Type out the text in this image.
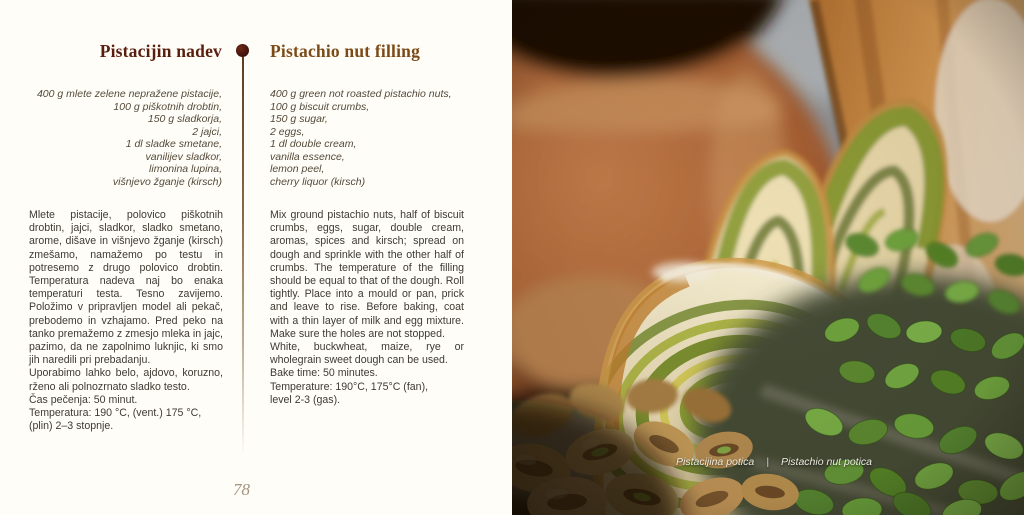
Pistacijin nadev	Pistachio nut filling
400 g mlete zelene nepražene pistacije,
100 g piškotnih drobtin,
150 g sladkorja,
2 jajci,
1 dl sladke smetane,
vanilijev sladkor,
limonina lupina,
višnjevo žganje (kirsch)
400 g green not roasted pistachio nuts,
100 g biscuit crumbs,
150 g sugar,
2 eggs,
1 dl double cream,
vanilla essence,
lemon peel,
cherry liquor (kirsch)

Mlete pistacije, polovico piškotnih drobtin, jajci, sladkor, sladko smetano, arome, dišave in višnjevo žganje (kirsch) zmešamo, namažemo po testu in potresemo z drugo polovico drobtin. Temperatura nadeva naj bo enaka temperaturi testa. Tesno zavijemo. Položimo v pripravljen model ali pekač, prebodemo in vzhajamo. Pred peko na tanko premažemo z zmesjo mleka in jajc, pazimo, da ne zapolnimo luknjic, ki smo jih naredili pri prebadanju.

Uporabimo lahko belo, ajdovo, koruzno, rženo ali polnozrnato sladko testo.

Čas pečenja: 50 minut.

Temperatura: 190 °C, (vent.) 175 °C,

(plin) 2–3 stopnje.

Mix ground pistachio nuts, half of biscuit crumbs, eggs, sugar, double cream, aromas, spices and kirsch; spread on dough and sprinkle with the other half of crumbs. The temperature of the filling should be equal to that of the dough. Roll tightly. Place into a mould or pan, prick and leave to rise. Before baking, coat with a thin layer of milk and egg mixture. Make sure the holes are not stopped.

White, buckwheat, maize, rye or wholegrain sweet dough can be used.

Bake time: 50 minutes.

Temperature: 190°C, 175°C (fan),

level 2-3 (gas).

78
Pistacijina potica | Pistachio nut potica
